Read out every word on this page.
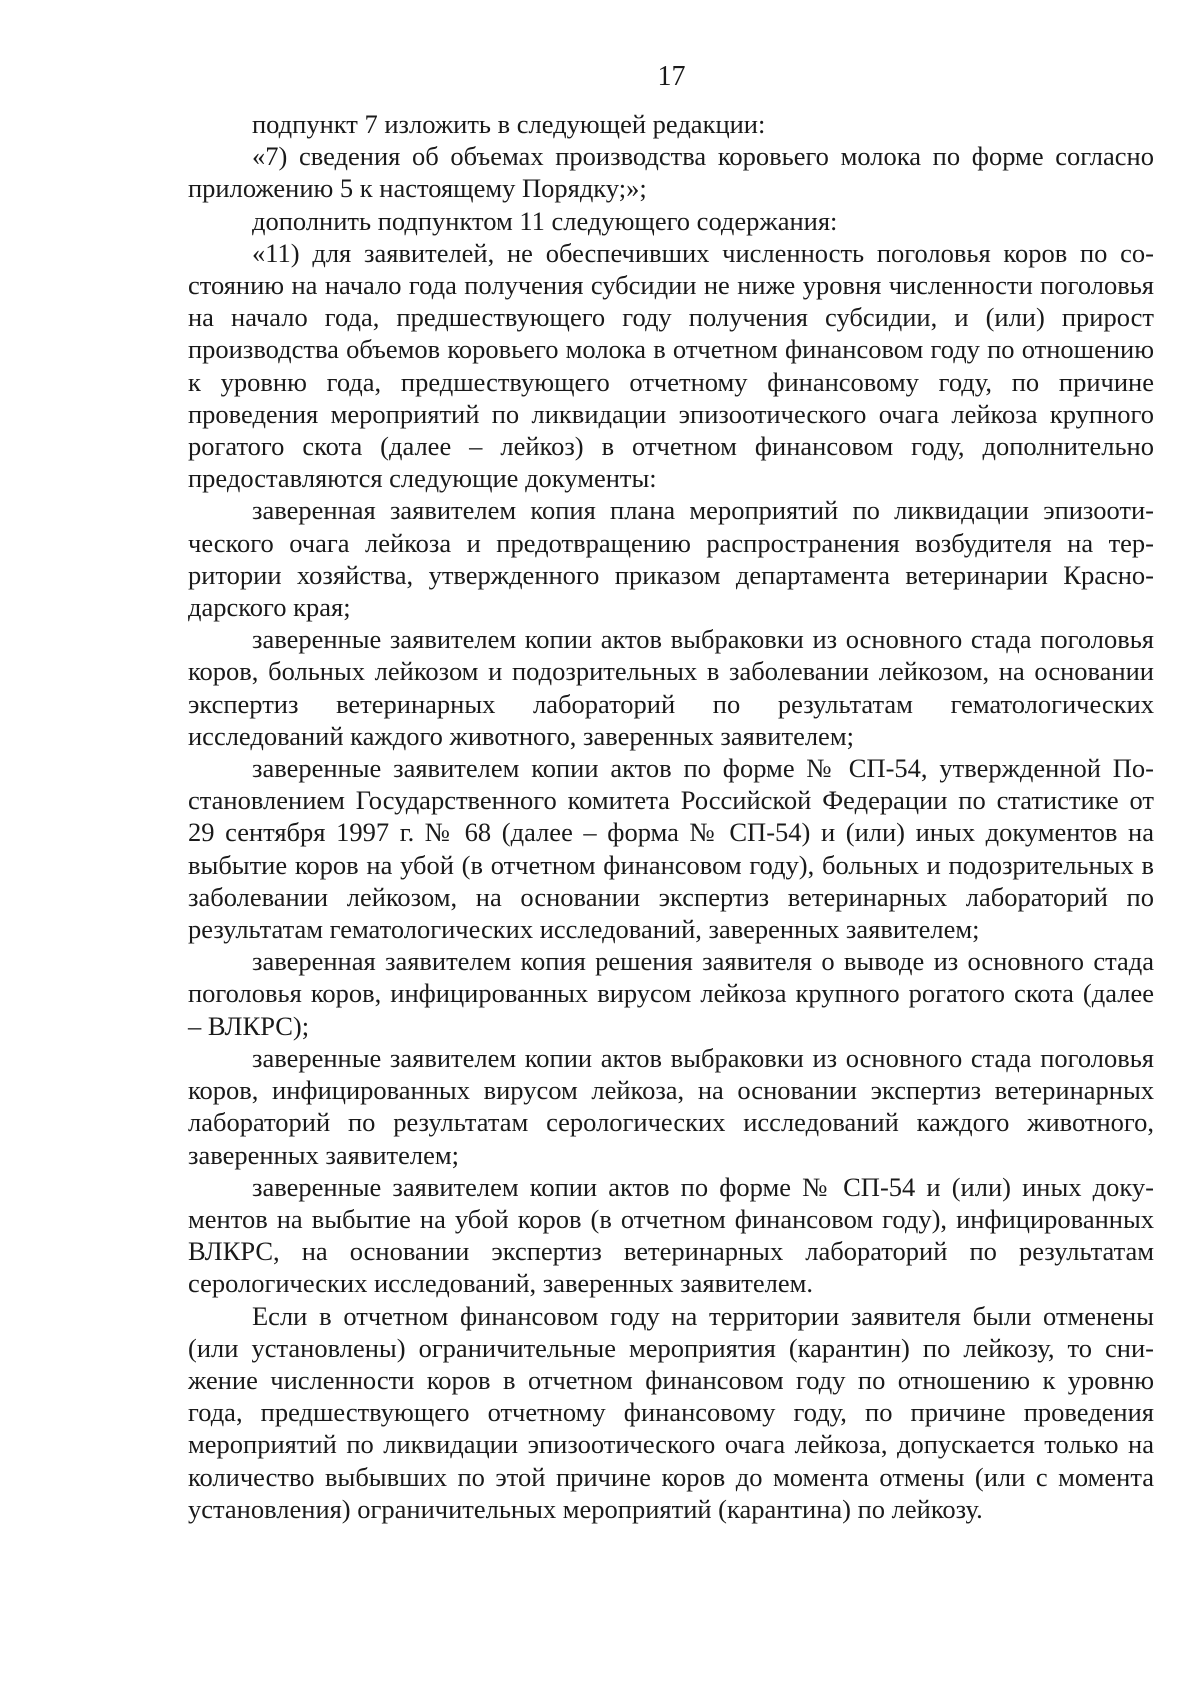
17

подпункт 7 изложить в следующей редакции:

«7) сведения об объемах производства коровьего молока по форме согласно приложению 5 к настоящему Порядку;»;

дополнить подпунктом 11 следующего содержания:

«11) для заявителей, не обеспечивших численность поголовья коров по состоянию на начало года получения субсидии не ниже уровня численности поголовья на начало года, предшествующего году получения субсидии, и (или) прирост производства объемов коровьего молока в отчетном финансовом году по отношению к уровню года, предшествующего отчетному финансовому году, по причине проведения мероприятий по ликвидации эпизоотического очага лейкоза крупного рогатого скота (далее – лейкоз) в отчетном финансовом году, дополнительно предоставляются следующие документы:

заверенная заявителем копия плана мероприятий по ликвидации эпизоотического очага лейкоза и предотвращению распространения возбудителя на территории хозяйства, утвержденного приказом департамента ветеринарии Краснодарского края;

заверенные заявителем копии актов выбраковки из основного стада поголовья коров, больных лейкозом и подозрительных в заболевании лейкозом, на основании экспертиз ветеринарных лабораторий по результатам гематологических исследований каждого животного, заверенных заявителем;

заверенные заявителем копии актов по форме № СП-54, утвержденной Постановлением Государственного комитета Российской Федерации по статистике от 29 сентября 1997 г. № 68 (далее – форма № СП-54) и (или) иных документов на выбытие коров на убой (в отчетном финансовом году), больных и подозрительных в заболевании лейкозом, на основании экспертиз ветеринарных лабораторий по результатам гематологических исследований, заверенных заявителем;

заверенная заявителем копия решения заявителя о выводе из основного стада поголовья коров, инфицированных вирусом лейкоза крупного рогатого скота (далее – ВЛКРС);

заверенные заявителем копии актов выбраковки из основного стада поголовья коров, инфицированных вирусом лейкоза, на основании экспертиз ветеринарных лабораторий по результатам серологических исследований каждого животного, заверенных заявителем;

заверенные заявителем копии актов по форме № СП-54 и (или) иных документов на выбытие на убой коров (в отчетном финансовом году), инфицированных ВЛКРС, на основании экспертиз ветеринарных лабораторий по результатам серологических исследований, заверенных заявителем.

Если в отчетном финансовом году на территории заявителя были отменены (или установлены) ограничительные мероприятия (карантин) по лейкозу, то снижение численности коров в отчетном финансовом году по отношению к уровню года, предшествующего отчетному финансовому году, по причине проведения мероприятий по ликвидации эпизоотического очага лейкоза, допускается только на количество выбывших по этой причине коров до момента отмены (или с момента установления) ограничительных мероприятий (карантина) по лейкозу.
